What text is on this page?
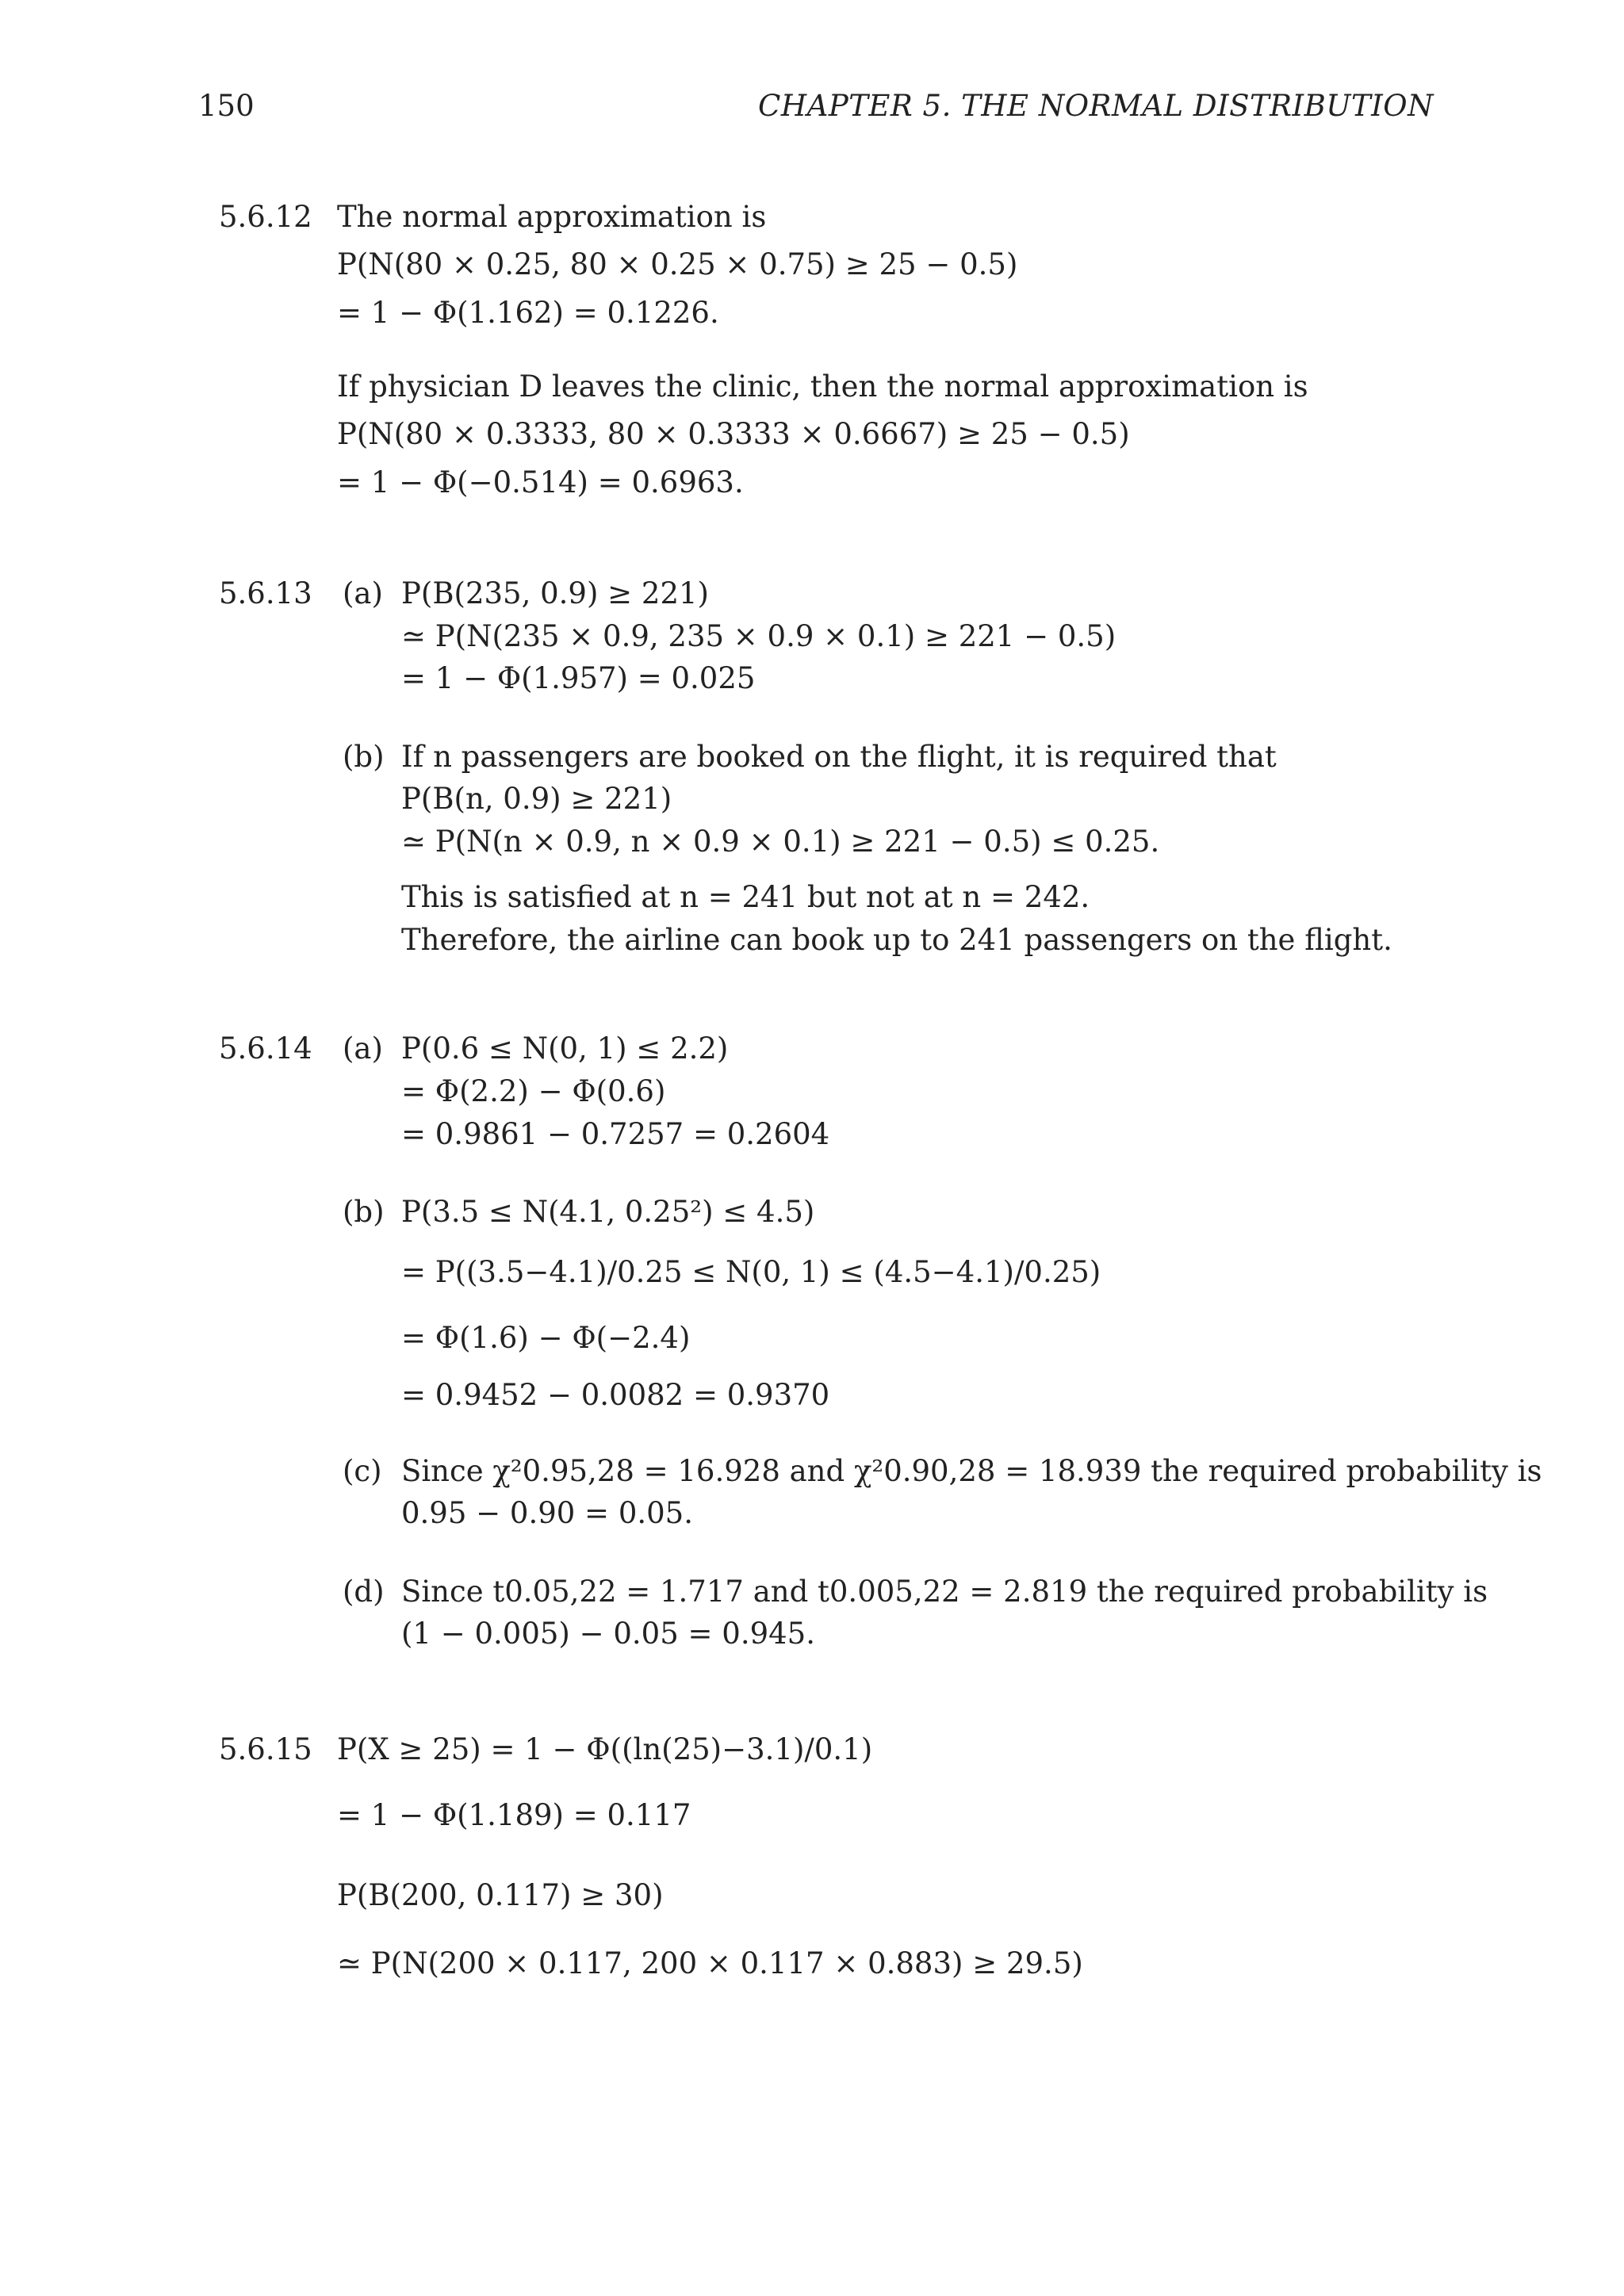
150	CHAPTER 5. THE NORMAL DISTRIBUTION
5.6.12 The normal approximation is
P(N(80 × 0.25, 80 × 0.25 × 0.75) ≥ 25 − 0.5)
= 1 − Φ(1.162) = 0.1226.
If physician D leaves the clinic, then the normal approximation is
P(N(80 × 0.3333, 80 × 0.3333 × 0.6667) ≥ 25 − 0.5)
= 1 − Φ(−0.514) = 0.6963.
5.6.13 (a) P(B(235, 0.9) ≥ 221)
≃ P(N(235 × 0.9, 235 × 0.9 × 0.1) ≥ 221 − 0.5)
= 1 − Φ(1.957) = 0.025
(b) If n passengers are booked on the flight, it is required that
P(B(n, 0.9) ≥ 221)
≃ P(N(n × 0.9, n × 0.9 × 0.1) ≥ 221 − 0.5) ≤ 0.25.
This is satisfied at n = 241 but not at n = 242.
Therefore, the airline can book up to 241 passengers on the flight.
5.6.14 (a) P(0.6 ≤ N(0, 1) ≤ 2.2)
= Φ(2.2) − Φ(0.6)
= 0.9861 − 0.7257 = 0.2604
(b) P(3.5 ≤ N(4.1, 0.25²) ≤ 4.5)
= P((3.5−4.1)/0.25 ≤ N(0, 1) ≤ (4.5−4.1)/0.25)
= Φ(1.6) − Φ(−2.4)
= 0.9452 − 0.0082 = 0.9370
(c) Since χ²0.95,28 = 16.928 and χ²0.90,28 = 18.939 the required probability is
0.95 − 0.90 = 0.05.
(d) Since t0.05,22 = 1.717 and t0.005,22 = 2.819 the required probability is
(1 − 0.005) − 0.05 = 0.945.
5.6.15 P(X ≥ 25) = 1 − Φ((ln(25)−3.1)/0.1)
= 1 − Φ(1.189) = 0.117
P(B(200, 0.117) ≥ 30)
≃ P(N(200 × 0.117, 200 × 0.117 × 0.883) ≥ 29.5)
